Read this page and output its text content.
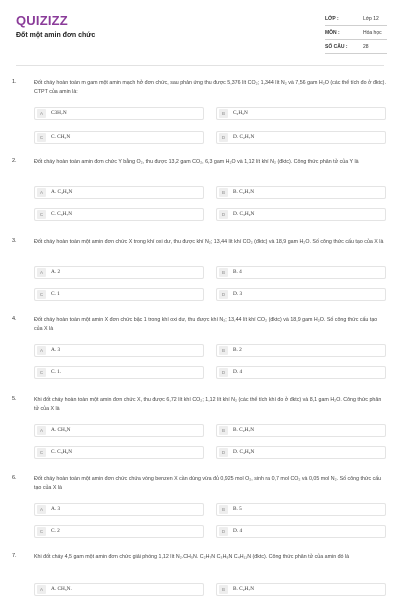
QUIZIZZ
Đốt một amin đơn chức
LỚP :	Lớp 12
MÔN :	Hóa học
SỐ CÂU :	28
1.	Đốt cháy hoàn toàn m gam một amin mạch hở đơn chức, sau phản ứng thu được 5,376 lít CO₂; 1,344 lít N₂ và 7,56 gam H₂O (các thể tích đo ở đktc). CTPT của amin là:
A	C3H₇N	B	C₂H₅N
C	C. CH₅N	D	D. C₂H₇N
2.	Đốt cháy hoàn toàn amin đơn chức Y bằng O₂, thu được 13,2 gam CO₂, 6,3 gam H₂O và 1,12 lít khí N₂ (đktc). Công thức phân tử của Y là
A	A. C₄H₉N	B	B. C₂H₇N
C	C. C₃H₇N	D	D. C₃H₉N
3.	Đốt cháy hoàn toàn một amin đơn chức X trong khí oxi dư, thu được khí N₂; 13,44 lít khí CO₂ (đktc) và 18,9 gam H₂O. Số công thức cấu tạo của X là
A	A. 2	B	B. 4
C	C. 1	D	D. 3
4.	Đốt cháy hoàn toàn một amin X đơn chức bậc 1 trong khí oxi dư, thu được khí N₂; 13,44 lít khí CO₂ (đktc) và 18,9 gam H₂O. Số công thức cấu tạo của X là
A	A. 3	B	B. 2
C	C. 1.	D	D. 4
5.	Khi đốt cháy hoàn toàn một amin đơn chức X, thu được 6,72 lít khí CO₂; 1,12 lít khí N₂ (các thể tích khí đo ở đktc) và 8,1 gam H₂O. Công thức phân tử của X là
A	A. CH₅N	B	B. C₂H₇N
C	C. C₃H₉N	D	D. C₄H₉N
6.	Đốt cháy hoàn toàn một amin đơn chức chứa vòng benzen X cần dùng vừa đủ 0,925 mol O₂, sinh ra 0,7 mol CO₂ và 0,05 mol N₂. Số công thức cấu tạo của X là
A	A. 3	B	B. 5
C	C. 2	D	D. 4
7.	Khi đốt cháy 4,5 gam một amin đơn chức giải phóng 1,12 lít N₂.CH₅N. C₂H₇N C₃H₉N C₄H₁₁N (đktc). Công thức phân tử của amin đó là
A	A. CH₅N.	B	B. C₂H₇N
